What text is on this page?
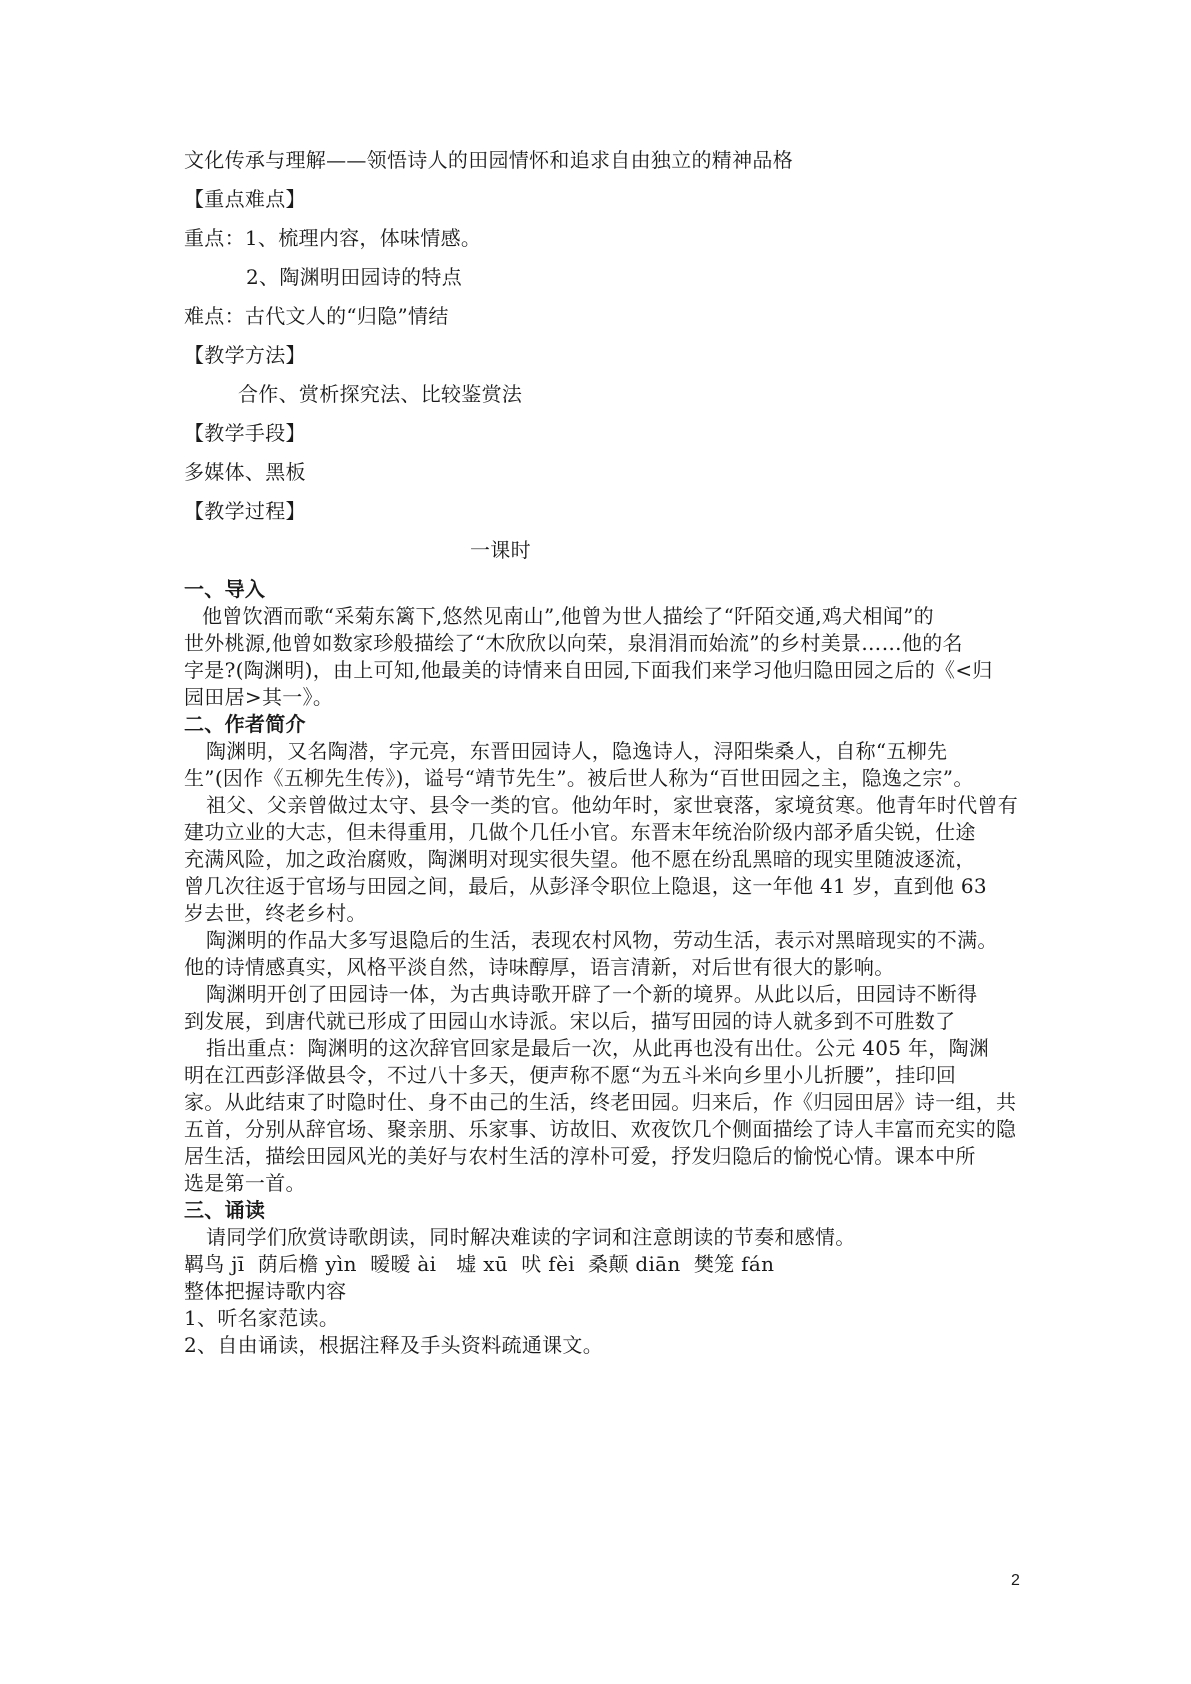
文化传承与理解——领悟诗人的田园情怀和追求自由独立的精神品格
【重点难点】
重点：1、梳理内容，体味情感。
2、陶渊明田园诗的特点
难点：古代文人的“归隐”情结
【教学方法】
合作、赏析探究法、比较鉴赏法
【教学手段】
多媒体、黑板
【教学过程】
一课时
一、导入
他曾饮酒而歌“采菊东篱下,悠然见南山”,他曾为世人描绘了“阡陌交通,鸡犬相闻”的
世外桃源,他曾如数家珍般描绘了“木欣欣以向荣，泉涓涓而始流”的乡村美景……他的名
字是?(陶渊明)，由上可知,他最美的诗情来自田园,下面我们来学习他归隐田园之后的《<归
园田居>其一》。
二、作者简介
陶渊明，又名陶潜，字元亮，东晋田园诗人，隐逸诗人，浔阳柴桑人，自称“五柳先
生”(因作《五柳先生传》)，谥号“靖节先生”。被后世人称为“百世田园之主，隐逸之宗”。
祖父、父亲曾做过太守、县令一类的官。他幼年时，家世衰落，家境贫寒。他青年时代曾有
建功立业的大志，但未得重用，几做个几任小官。东晋末年统治阶级内部矛盾尖锐，仕途
充满风险，加之政治腐败，陶渊明对现实很失望。他不愿在纷乱黑暗的现实里随波逐流，
曾几次往返于官场与田园之间，最后，从彭泽令职位上隐退，这一年他 41 岁，直到他 63
岁去世，终老乡村。
陶渊明的作品大多写退隐后的生活，表现农村风物，劳动生活，表示对黑暗现实的不满。
他的诗情感真实，风格平淡自然，诗味醇厚，语言清新，对后世有很大的影响。
陶渊明开创了田园诗一体，为古典诗歌开辟了一个新的境界。从此以后，田园诗不断得
到发展，到唐代就已形成了田园山水诗派。宋以后，描写田园的诗人就多到不可胜数了
指出重点：陶渊明的这次辞官回家是最后一次，从此再也没有出仕。公元 405 年，陶渊
明在江西彭泽做县令，不过八十多天，便声称不愿“为五斗米向乡里小儿折腰”，挂印回
家。从此结束了时隐时仕、身不由己的生活，终老田园。归来后，作《归园田居》诗一组，共
五首，分别从辞官场、聚亲朋、乐家事、访故旧、欢夜饮几个侧面描绘了诗人丰富而充实的隐
居生活，描绘田园风光的美好与农村生活的淳朴可爱，抒发归隐后的愉悦心情。课本中所
选是第一首。
三、诵读
请同学们欣赏诗歌朗读，同时解决难读的字词和注意朗读的节奏和感情。
羁鸟 jī  荫后檐 yìn  暧暧 ài   墟 xū  吠 fèi  桑颠 diān  樊笼 fán
整体把握诗歌内容
1、听名家范读。
2、自由诵读，根据注释及手头资料疏通课文。
2
